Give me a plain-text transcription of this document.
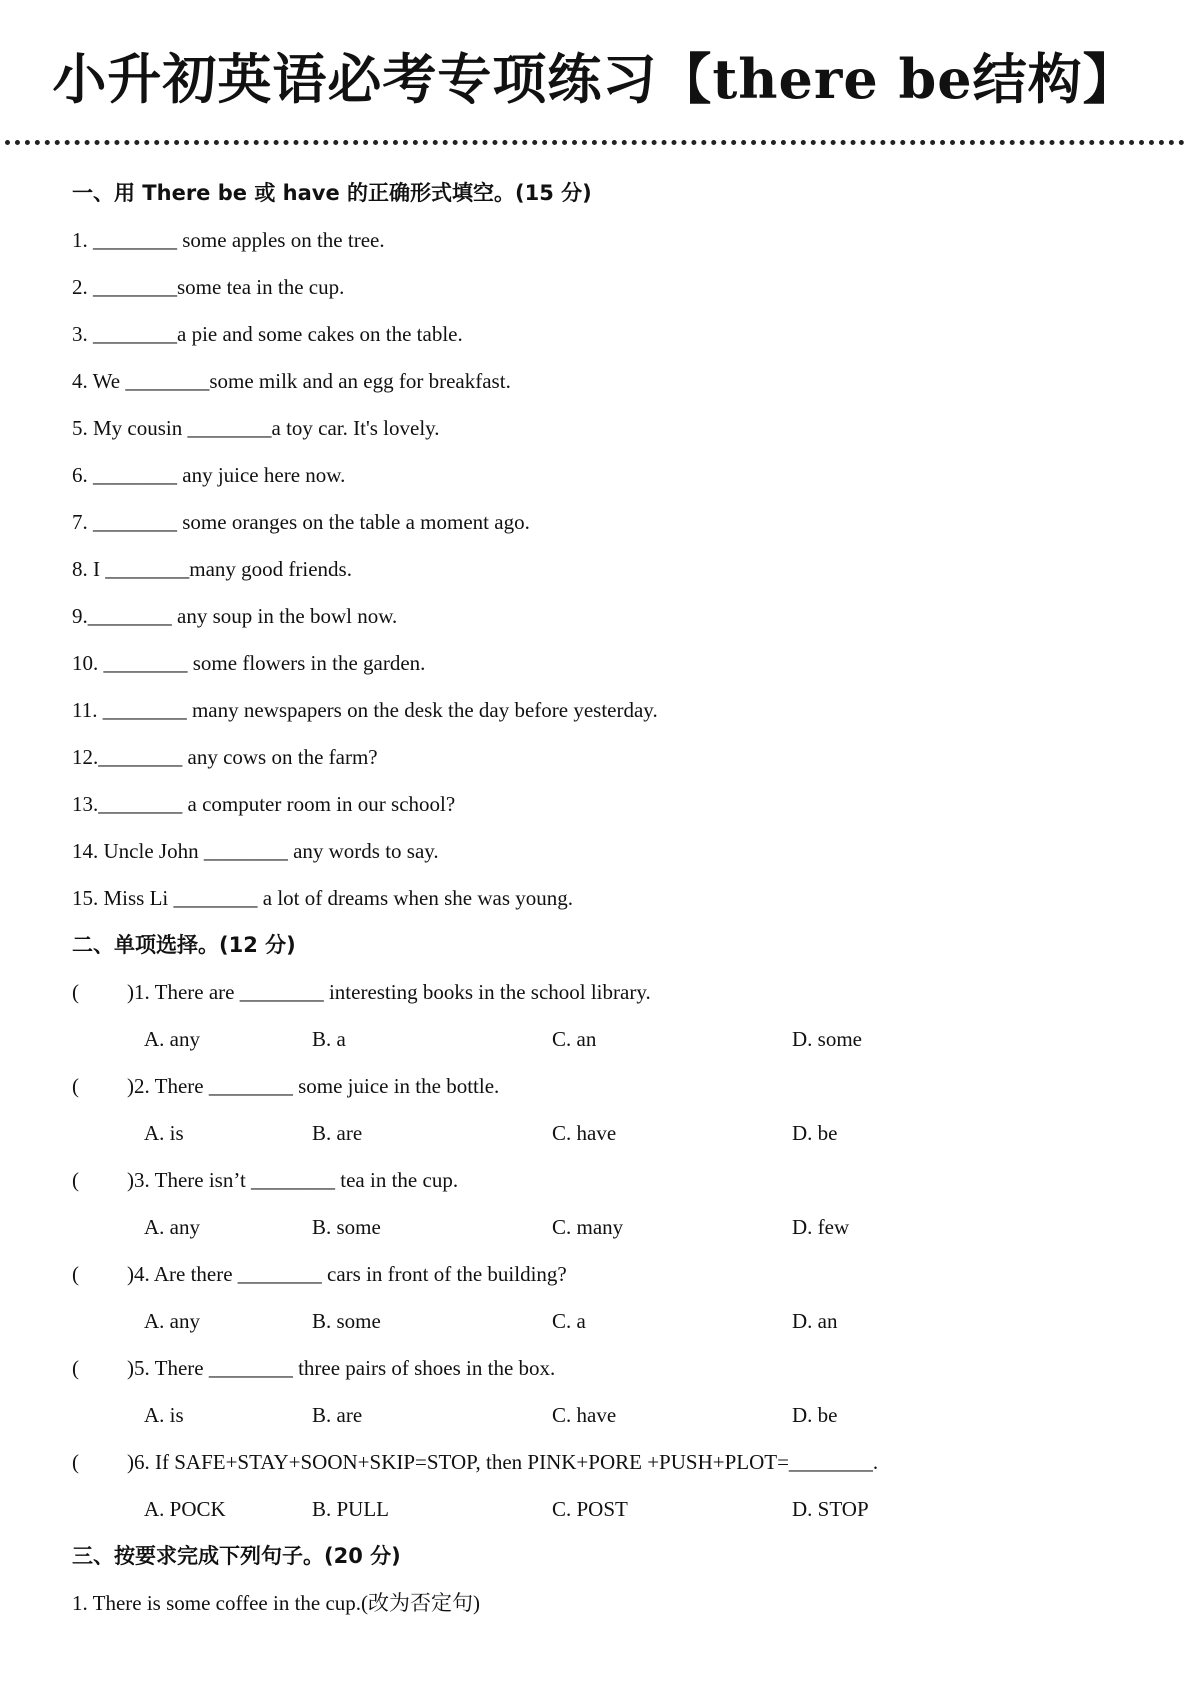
小升初英语必考专项练习【there be结构】
一、用 There be 或 have 的正确形式填空。(15 分)
1. ________ some apples on the tree.
2. ________some tea in the cup.
3. ________a pie and some cakes on the table.
4. We ________some milk and an egg for breakfast.
5. My cousin ________a toy car. It's lovely.
6. ________ any juice here now.
7. ________ some oranges on the table a moment ago.
8. I ________many good friends.
9.________ any soup in the bowl now.
10. ________ some flowers in the garden.
11. ________ many newspapers on the desk the day before yesterday.
12.________ any cows on the farm?
13.________ a computer room in our school?
14. Uncle John ________ any words to say.
15. Miss Li ________ a lot of dreams when she was young.
二、单项选择。(12 分)
(	)1. There are ________ interesting books in the school library.
A. any	B. a	C. an	D. some
(	)2. There ________ some juice in the bottle.
A. is	B. are	C. have	D. be
(	)3. There isn’t ________ tea in the cup.
A. any	B. some	C. many	D. few
(	)4. Are there ________ cars in front of the building?
A. any	B. some	C. a	D. an
(	)5. There ________ three pairs of shoes in the box.
A. is	B. are	C. have	D. be
(	)6. If SAFE+STAY+SOON+SKIP=STOP, then PINK+PORE +PUSH+PLOT=________.
A. POCK	B. PULL	C. POST	D. STOP
三、按要求完成下列句子。(20 分)
1. There is some coffee in the cup.(改为否定句)
